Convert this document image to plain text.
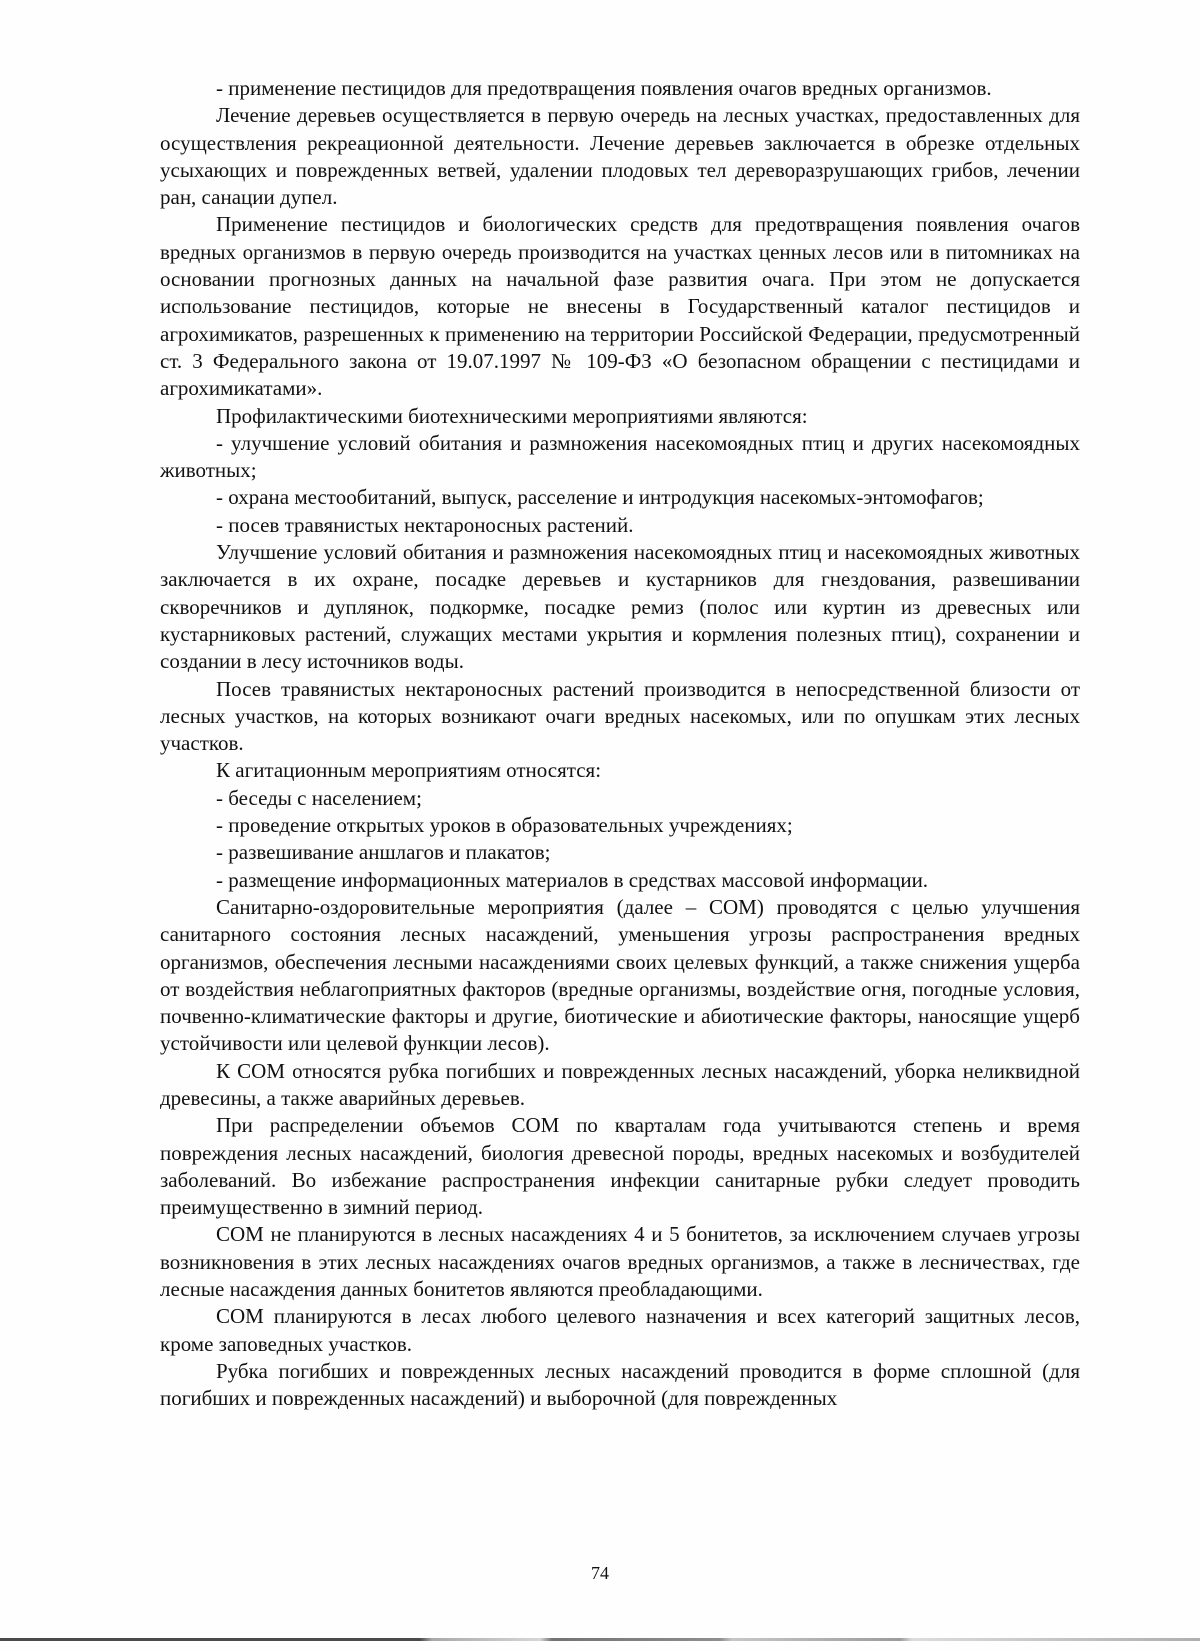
- применение пестицидов для предотвращения появления очагов вредных организмов.

Лечение деревьев осуществляется в первую очередь на лесных участках, предоставленных для осуществления рекреационной деятельности. Лечение деревьев заключается в обрезке отдельных усыхающих и поврежденных ветвей, удалении плодовых тел дереворазрушающих грибов, лечении ран, санации дупел.

Применение пестицидов и биологических средств для предотвращения появления очагов вредных организмов в первую очередь производится на участках ценных лесов или в питомниках на основании прогнозных данных на начальной фазе развития очага. При этом не допускается использование пестицидов, которые не внесены в Государственный каталог пестицидов и агрохимикатов, разрешенных к применению на территории Российской Федерации, предусмотренный ст. 3 Федерального закона от 19.07.1997 № 109-ФЗ «О безопасном обращении с пестицидами и агрохимикатами».

Профилактическими биотехническими мероприятиями являются:

- улучшение условий обитания и размножения насекомоядных птиц и других насекомоядных животных;

- охрана местообитаний, выпуск, расселение и интродукция насекомых-энтомофагов;

- посев травянистых нектароносных растений.

Улучшение условий обитания и размножения насекомоядных птиц и насекомоядных животных заключается в их охране, посадке деревьев и кустарников для гнездования, развешивании скворечников и дуплянок, подкормке, посадке ремиз (полос или куртин из древесных или кустарниковых растений, служащих местами укрытия и кормления полезных птиц), сохранении и создании в лесу источников воды.

Посев травянистых нектароносных растений производится в непосредственной близости от лесных участков, на которых возникают очаги вредных насекомых, или по опушкам этих лесных участков.

К агитационным мероприятиям относятся:

- беседы с населением;

- проведение открытых уроков в образовательных учреждениях;

- развешивание аншлагов и плакатов;

- размещение информационных материалов в средствах массовой информации.

Санитарно-оздоровительные мероприятия (далее – СОМ) проводятся с целью улучшения санитарного состояния лесных насаждений, уменьшения угрозы распространения вредных организмов, обеспечения лесными насаждениями своих целевых функций, а также снижения ущерба от воздействия неблагоприятных факторов (вредные организмы, воздействие огня, погодные условия, почвенно-климатические факторы и другие, биотические и абиотические факторы, наносящие ущерб устойчивости или целевой функции лесов).

К СОМ относятся рубка погибших и поврежденных лесных насаждений, уборка неликвидной древесины, а также аварийных деревьев.

При распределении объемов СОМ по кварталам года учитываются степень и время повреждения лесных насаждений, биология древесной породы, вредных насекомых и возбудителей заболеваний. Во избежание распространения инфекции санитарные рубки следует проводить преимущественно в зимний период.

СОМ не планируются в лесных насаждениях 4 и 5 бонитетов, за исключением случаев угрозы возникновения в этих лесных насаждениях очагов вредных организмов, а также в лесничествах, где лесные насаждения данных бонитетов являются преобладающими.

СОМ планируются в лесах любого целевого назначения и всех категорий защитных лесов, кроме заповедных участков.

Рубка погибших и поврежденных лесных насаждений проводится в форме сплошной (для погибших и поврежденных насаждений) и выборочной (для поврежденных

74
